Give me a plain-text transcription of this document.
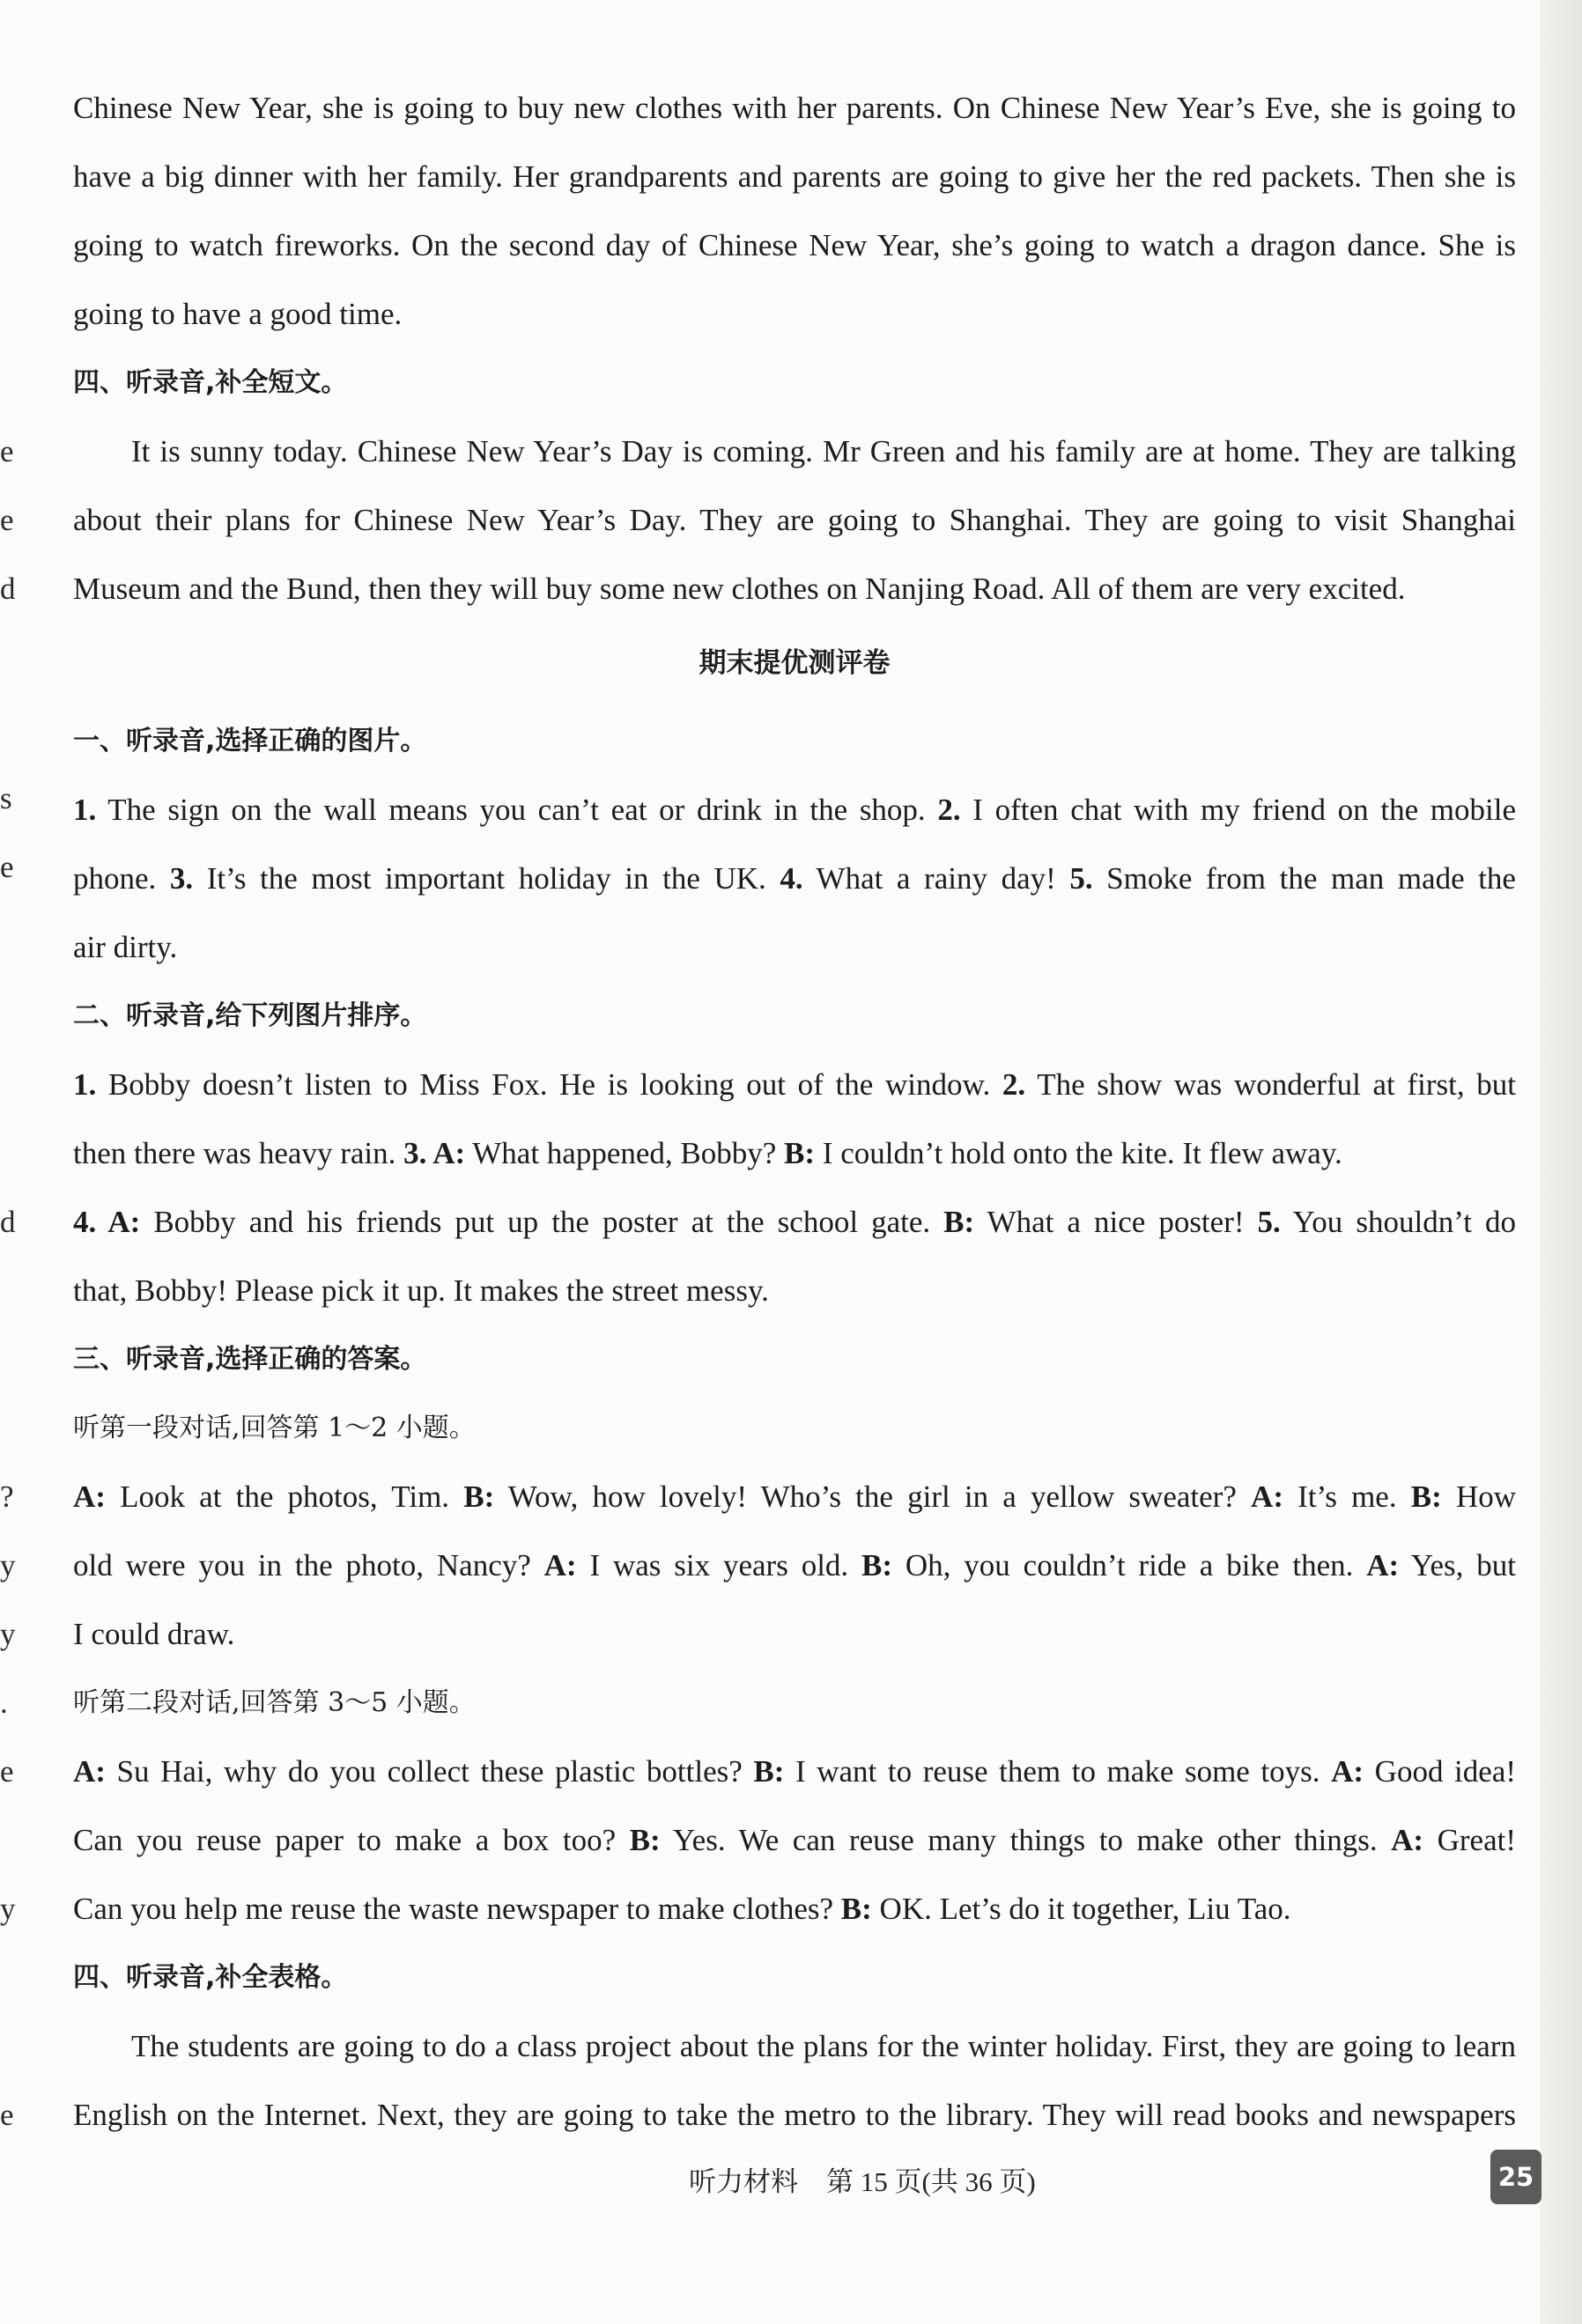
e
e
d
s
e
d
?
y
y
.
e
y
e
Chinese New Year, she is going to buy new clothes with her parents. On Chinese New Year’s Eve, she is going to
have a big dinner with her family. Her grandparents and parents are going to give her the red packets. Then she is
going to watch fireworks. On the second day of Chinese New Year, she’s going to watch a dragon dance. She is
going to have a good time.
四、听录音,补全短文。
It is sunny today. Chinese New Year’s Day is coming. Mr Green and his family are at home. They are talking
about their plans for Chinese New Year’s Day. They are going to Shanghai. They are going to visit Shanghai
Museum and the Bund, then they will buy some new clothes on Nanjing Road. All of them are very excited.
期末提优测评卷
一、听录音,选择正确的图片。
1. The sign on the wall means you can’t eat or drink in the shop. 2. I often chat with my friend on the mobile
phone. 3. It’s the most important holiday in the UK. 4. What a rainy day! 5. Smoke from the man made the
air dirty.
二、听录音,给下列图片排序。
1. Bobby doesn’t listen to Miss Fox. He is looking out of the window. 2. The show was wonderful at first, but
then there was heavy rain. 3. A: What happened, Bobby? B: I couldn’t hold onto the kite. It flew away.
4. A: Bobby and his friends put up the poster at the school gate. B: What a nice poster! 5. You shouldn’t do
that, Bobby! Please pick it up. It makes the street messy.
三、听录音,选择正确的答案。
听第一段对话,回答第 1～2 小题。
A: Look at the photos, Tim. B: Wow, how lovely! Who’s the girl in a yellow sweater? A: It’s me. B: How
old were you in the photo, Nancy? A: I was six years old. B: Oh, you couldn’t ride a bike then. A: Yes, but
I could draw.
听第二段对话,回答第 3～5 小题。
A: Su Hai, why do you collect these plastic bottles? B: I want to reuse them to make some toys. A: Good idea!
Can you reuse paper to make a box too? B: Yes. We can reuse many things to make other things. A: Great!
Can you help me reuse the waste newspaper to make clothes? B: OK. Let’s do it together, Liu Tao.
四、听录音,补全表格。
The students are going to do a class project about the plans for the winter holiday. First, they are going to learn
English on the Internet. Next, they are going to take the metro to the library. They will read books and newspapers
听力材料 第 15 页(共 36 页)	25
